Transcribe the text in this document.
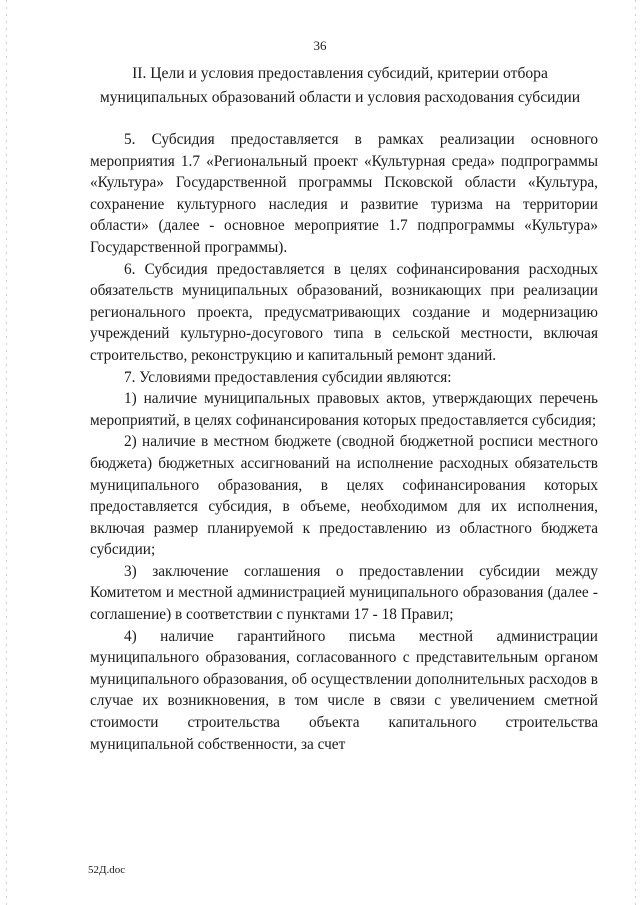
36
II. Цели и условия предоставления субсидий, критерии отбора
муниципальных образований области и условия расходования субсидии

5. Субсидия предоставляется в рамках реализации основного мероприятия 1.7 «Региональный проект «Культурная среда» подпрограммы «Культура» Государственной программы Псковской области «Культура, сохранение культурного наследия и развитие туризма на территории области» (далее - основное мероприятие 1.7 подпрограммы «Культура» Государственной программы).

6. Субсидия предоставляется в целях софинансирования расходных обязательств муниципальных образований, возникающих при реализации регионального проекта, предусматривающих создание и модернизацию учреждений культурно-досугового типа в сельской местности, включая строительство, реконструкцию и капитальный ремонт зданий.

7. Условиями предоставления субсидии являются:

1) наличие муниципальных правовых актов, утверждающих перечень мероприятий, в целях софинансирования которых предоставляется субсидия;

2) наличие в местном бюджете (сводной бюджетной росписи местного бюджета) бюджетных ассигнований на исполнение расходных обязательств муниципального образования, в целях софинансирования которых предоставляется субсидия, в объеме, необходимом для их исполнения, включая размер планируемой к предоставлению из областного бюджета субсидии;

3) заключение соглашения о предоставлении субсидии между Комитетом и местной администрацией муниципального образования (далее - соглашение) в соответствии с пунктами 17 - 18 Правил;

4) наличие гарантийного письма местной администрации муниципального образования, согласованного с представительным органом муниципального образования, об осуществлении дополнительных расходов в случае их возникновения, в том числе в связи с увеличением сметной стоимости строительства объекта капитального строительства муниципальной собственности, за счет

52Д.doc
